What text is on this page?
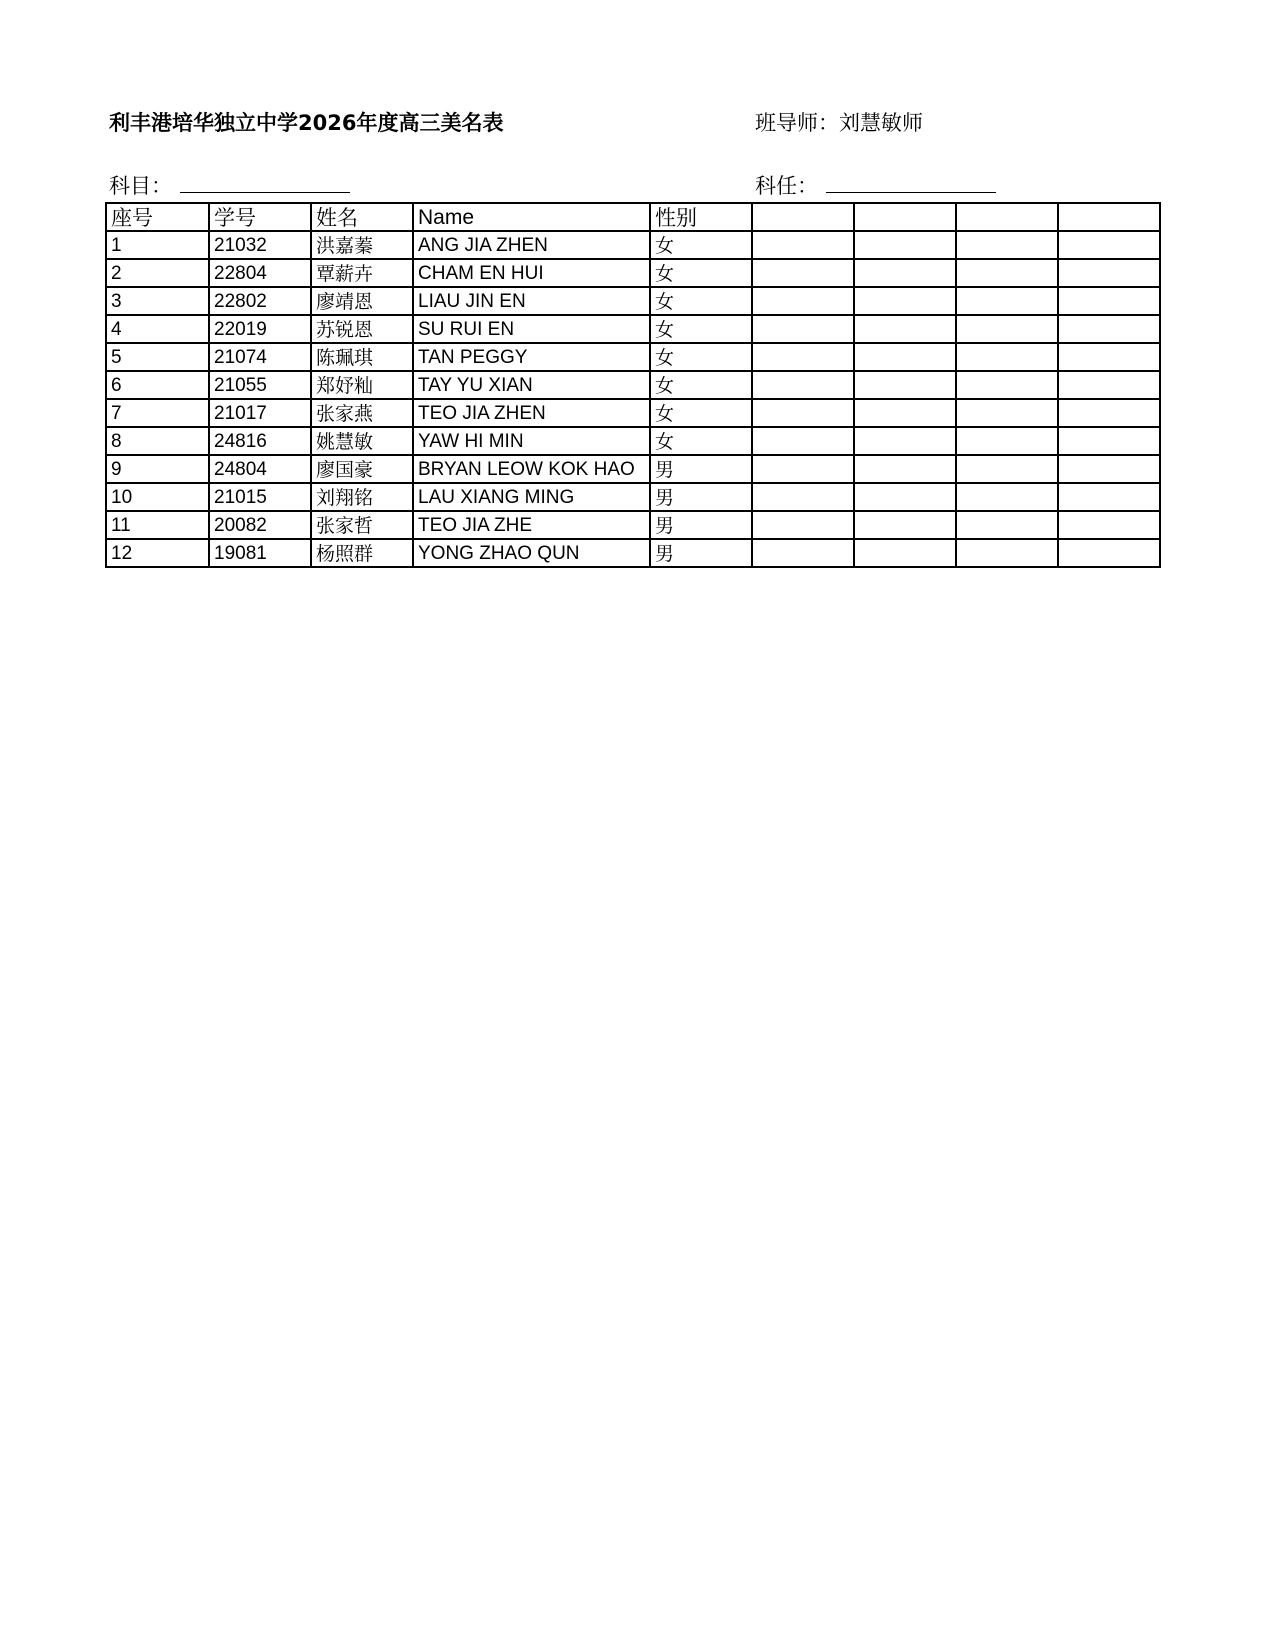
利丰港培华独立中学2026年度高三美名表	班导师：刘慧敏师
科目：	科任：
座号	学号	姓名	Name	性别				
1	21032	洪嘉蓁	ANG JIA ZHEN	女				
2	22804	覃薪卉	CHAM EN HUI	女				
3	22802	廖靖恩	LIAU JIN EN	女				
4	22019	苏锐恩	SU RUI EN	女				
5	21074	陈珮琪	TAN PEGGY	女				
6	21055	郑妤籼	TAY YU XIAN	女				
7	21017	张家燕	TEO JIA ZHEN	女				
8	24816	姚慧敏	YAW HI MIN	女				
9	24804	廖国豪	BRYAN LEOW KOK HAO	男				
10	21015	刘翔铭	LAU XIANG MING	男				
11	20082	张家哲	TEO JIA ZHE	男				
12	19081	杨照群	YONG ZHAO QUN	男				
